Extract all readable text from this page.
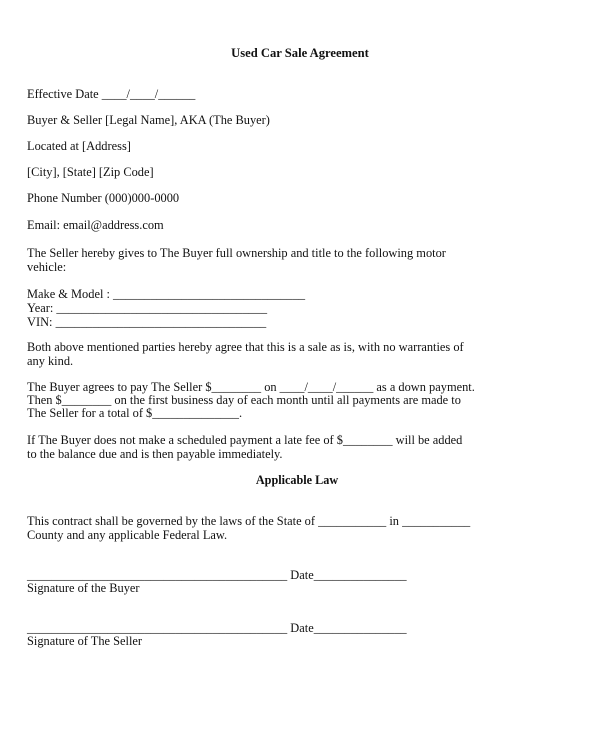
Used Car Sale Agreement
Effective Date ____/____/______
Buyer & Seller [Legal Name], AKA (The Buyer)
Located at [Address]
[City], [State] [Zip Code]
Phone Number (000)000-0000
Email: email@address.com
The Seller hereby gives to The Buyer full ownership and title to the following motor
vehicle:
Make & Model : _______________________________
Year: __________________________________
VIN: __________________________________
Both above mentioned parties hereby agree that this is a sale as is, with no warranties of
any kind.
The Buyer agrees to pay The Seller $________ on ____/____/______ as a down payment.
Then $________ on the first business day of each month until all payments are made to
The Seller for a total of $______________.
If The Buyer does not make a scheduled payment a late fee of $________ will be added
to the balance due and is then payable immediately.
Applicable Law
This contract shall be governed by the laws of the State of ___________ in ___________
County and any applicable Federal Law.
__________________________________________ Date_______________
Signature of the Buyer
__________________________________________ Date_______________
Signature of The Seller
